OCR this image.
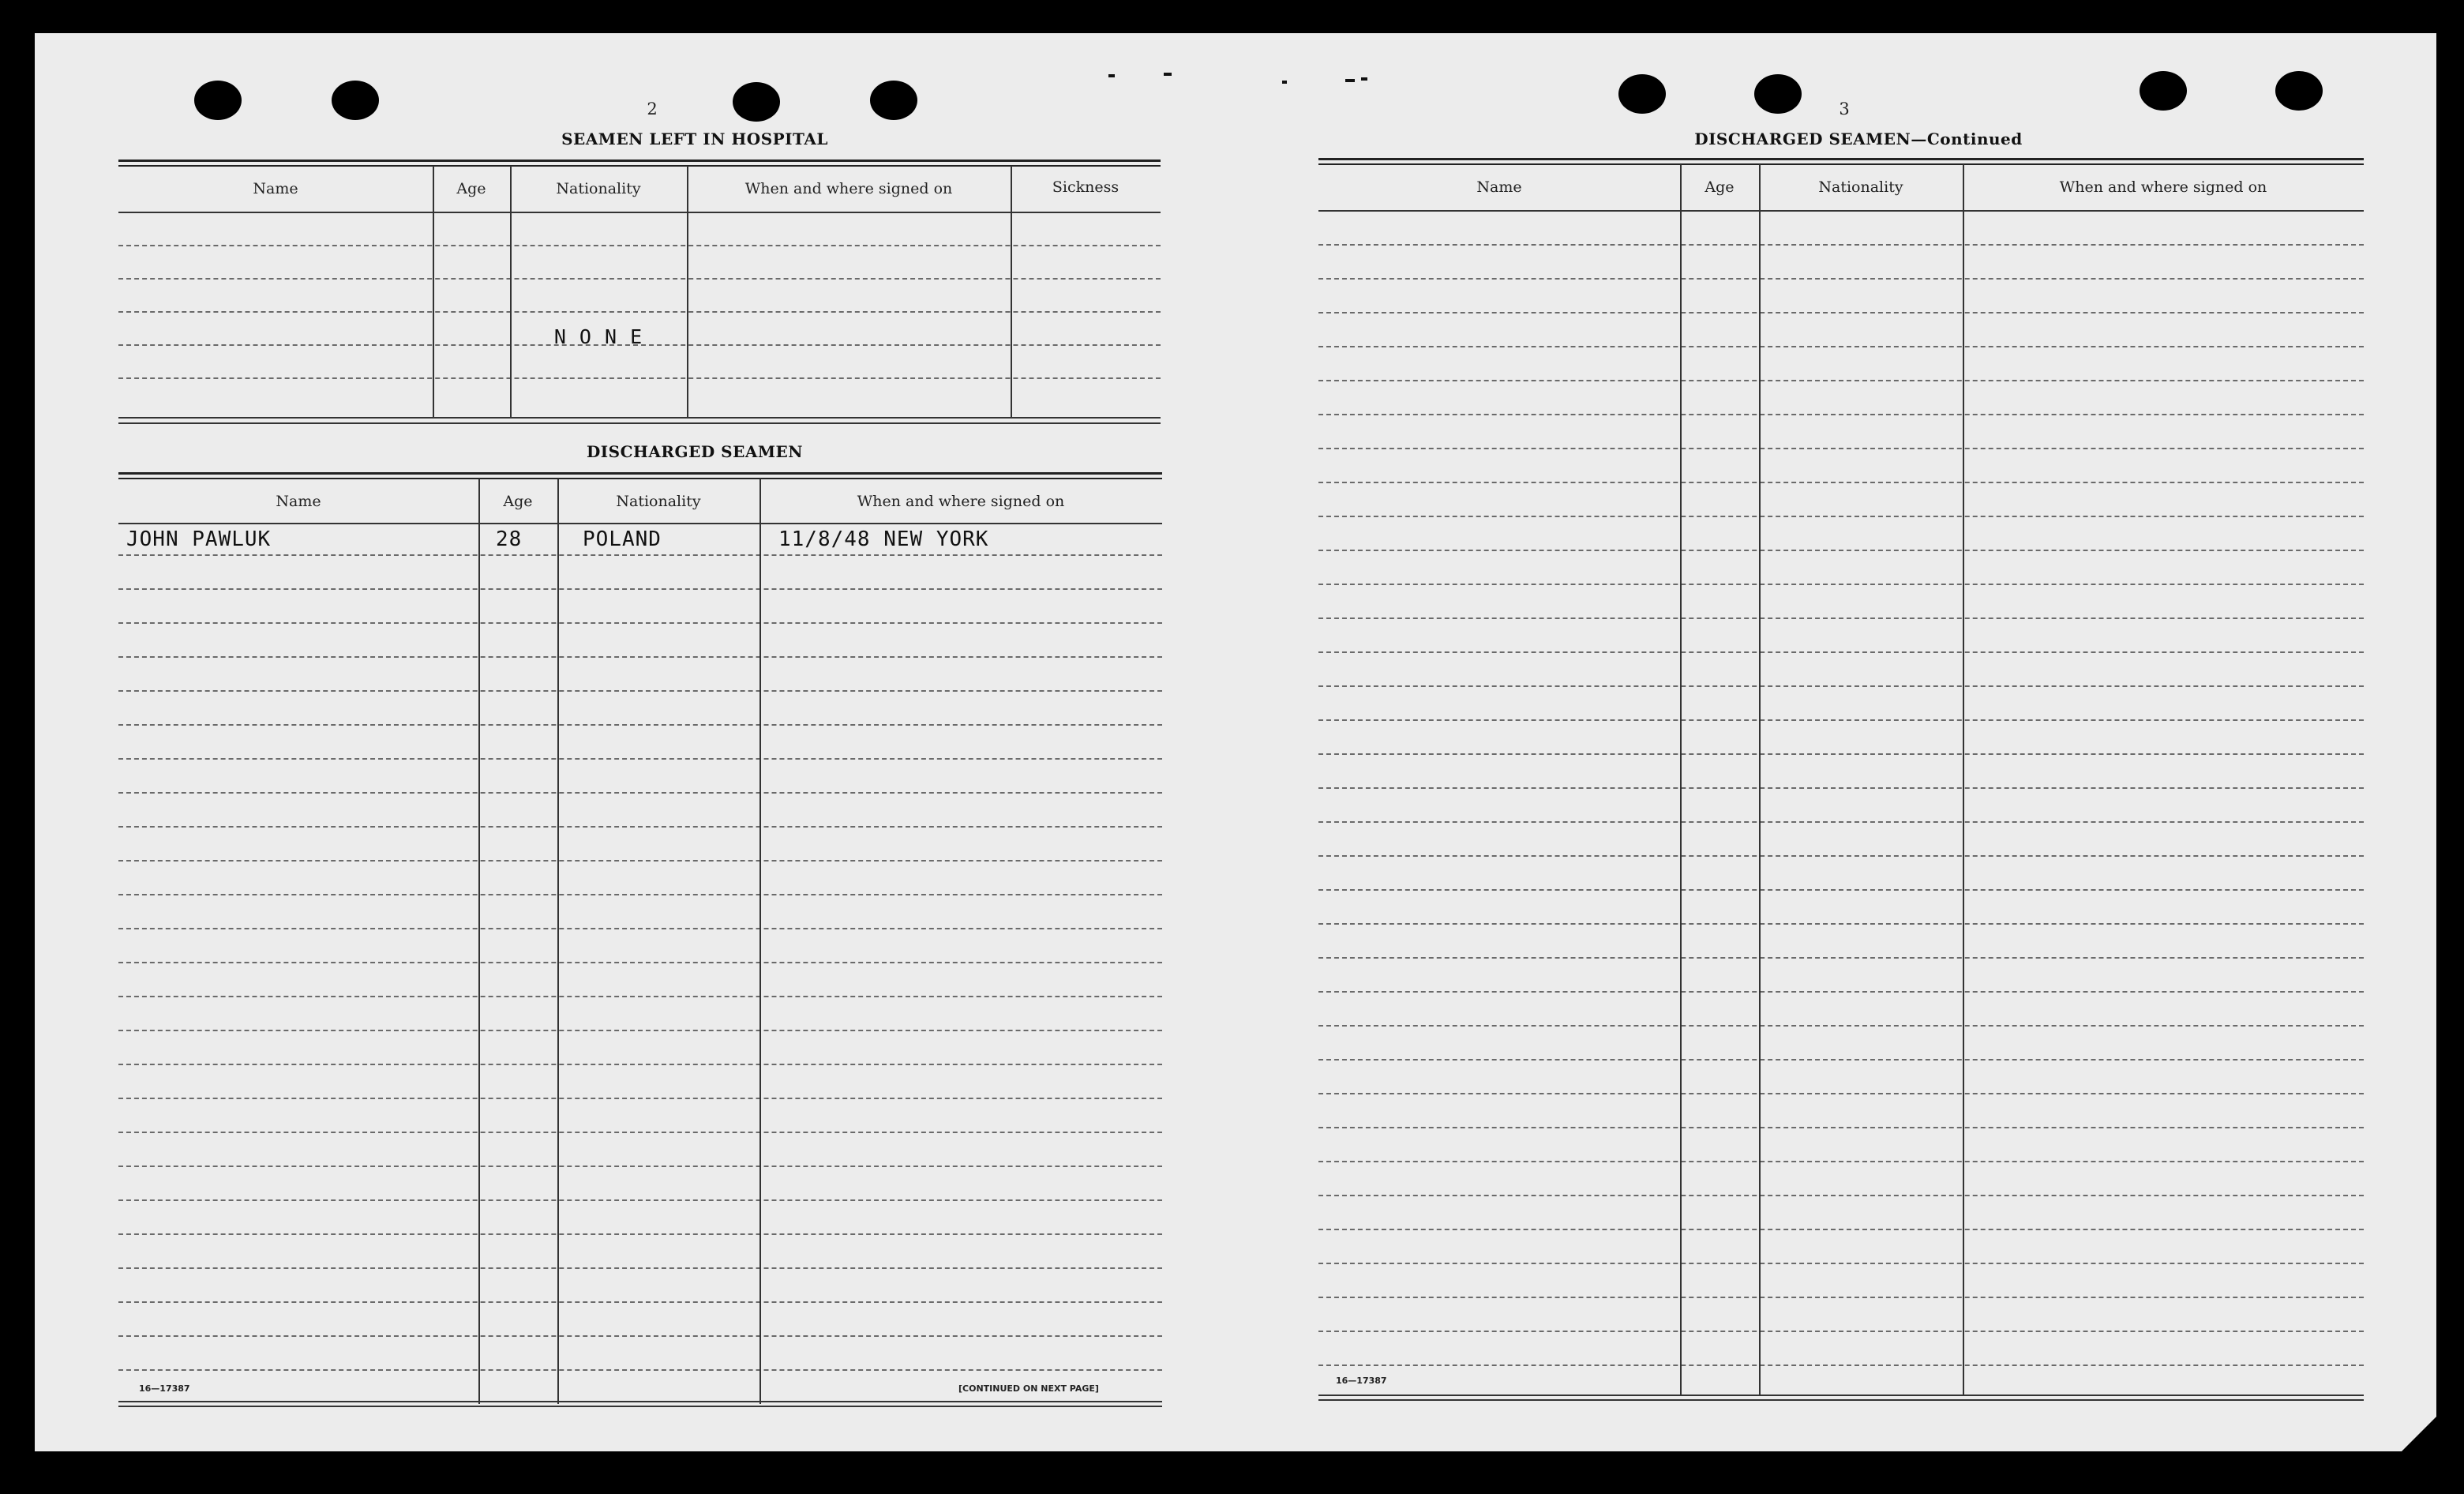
2
SEAMEN LEFT IN HOSPITAL
Name	Age	Nationality	When and where signed on	Sickness
N O N E
DISCHARGED SEAMEN
Name	Age	Nationality	When and where signed on
JOHN PAWLUK	28	POLAND	11/8/48 NEW YORK
16—17387	[CONTINUED ON NEXT PAGE]
3
DISCHARGED SEAMEN—Continued
Name	Age	Nationality	When and where signed on
16—17387
